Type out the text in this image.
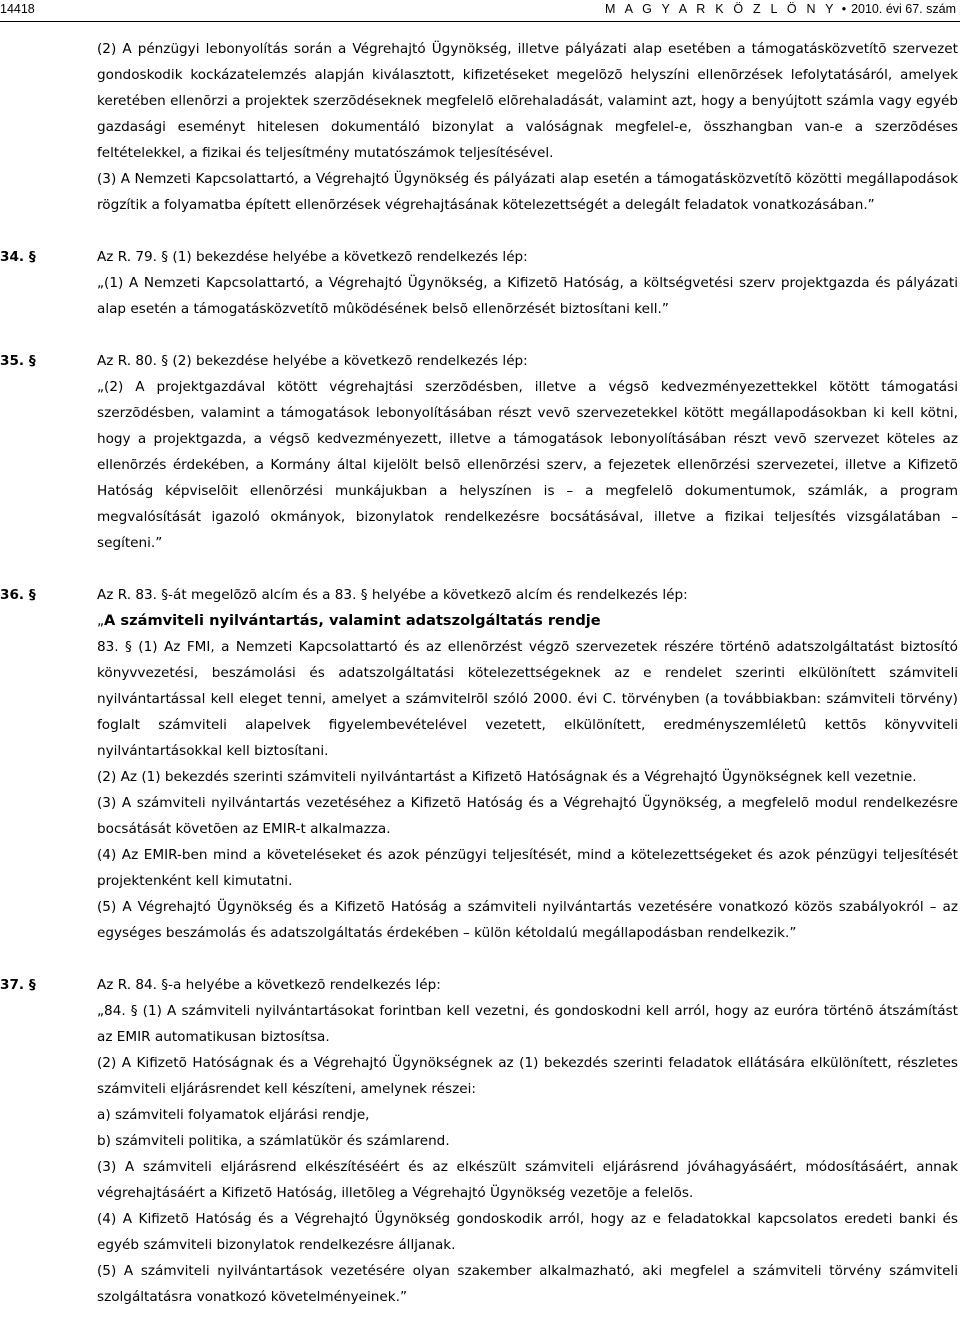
14418	M A G Y A R K Ö Z L Ö N Y • 2010. évi 67. szám

(2) A pénzügyi lebonyolítás során a Végrehajtó Ügynökség, illetve pályázati alap esetében a támogatásközvetítõ szervezet gondoskodik kockázatelemzés alapján kiválasztott, kifizetéseket megelõzõ helyszíni ellenõrzések lefolytatásáról, amelyek keretében ellenõrzi a projektek szerzõdéseknek megfelelõ elõrehaladását, valamint azt, hogy a benyújtott számla vagy egyéb gazdasági eseményt hitelesen dokumentáló bizonylat a valóságnak megfelel-e, összhangban van-e a szerzõdéses feltételekkel, a fizikai és teljesítmény mutatószámok teljesítésével.

(3) A Nemzeti Kapcsolattartó, a Végrehajtó Ügynökség és pályázati alap esetén a támogatásközvetítõ közötti megállapodások rögzítik a folyamatba épített ellenõrzések végrehajtásának kötelezettségét a delegált feladatok vonatkozásában.”

34. §	Az R. 79. § (1) bekezdése helyébe a következõ rendelkezés lép:

„(1) A Nemzeti Kapcsolattartó, a Végrehajtó Ügynökség, a Kifizetõ Hatóság, a költségvetési szerv projektgazda és pályázati alap esetén a támogatásközvetítõ mûködésének belsõ ellenõrzését biztosítani kell.”

35. §	Az R. 80. § (2) bekezdése helyébe a következõ rendelkezés lép:

„(2) A projektgazdával kötött végrehajtási szerzõdésben, illetve a végsõ kedvezményezettekkel kötött támogatási szerzõdésben, valamint a támogatások lebonyolításában részt vevõ szervezetekkel kötött megállapodásokban ki kell kötni, hogy a projektgazda, a végsõ kedvezményezett, illetve a támogatások lebonyolításában részt vevõ szervezet köteles az ellenõrzés érdekében, a Kormány által kijelölt belsõ ellenõrzési szerv, a fejezetek ellenõrzési szervezetei, illetve a Kifizetõ Hatóság képviselõit ellenõrzési munkájukban a helyszínen is – a megfelelõ dokumentumok, számlák, a program megvalósítását igazoló okmányok, bizonylatok rendelkezésre bocsátásával, illetve a fizikai teljesítés vizsgálatában – segíteni.”

36. §	Az R. 83. §-át megelõzõ alcím és a 83. § helyébe a következõ alcím és rendelkezés lép:

„A számviteli nyilvántartás, valamint adatszolgáltatás rendje

83. § (1) Az FMI, a Nemzeti Kapcsolattartó és az ellenõrzést végzõ szervezetek részére történõ adatszolgáltatást biztosító könyvvezetési, beszámolási és adatszolgáltatási kötelezettségeknek az e rendelet szerinti elkülönített számviteli nyilvántartással kell eleget tenni, amelyet a számvitelrõl szóló 2000. évi C. törvényben (a továbbiakban: számviteli törvény) foglalt számviteli alapelvek figyelembevételével vezetett, elkülönített, eredményszemléletû kettõs könyvviteli nyilvántartásokkal kell biztosítani.

(2) Az (1) bekezdés szerinti számviteli nyilvántartást a Kifizetõ Hatóságnak és a Végrehajtó Ügynökségnek kell vezetnie.

(3) A számviteli nyilvántartás vezetéséhez a Kifizetõ Hatóság és a Végrehajtó Ügynökség, a megfelelõ modul rendelkezésre bocsátását követõen az EMIR-t alkalmazza.

(4) Az EMIR-ben mind a követeléseket és azok pénzügyi teljesítését, mind a kötelezettségeket és azok pénzügyi teljesítését projektenként kell kimutatni.

(5) A Végrehajtó Ügynökség és a Kifizetõ Hatóság a számviteli nyilvántartás vezetésére vonatkozó közös szabályokról – az egységes beszámolás és adatszolgáltatás érdekében – külön kétoldalú megállapodásban rendelkezik.”

37. §	Az R. 84. §-a helyébe a következõ rendelkezés lép:

„84. § (1) A számviteli nyilvántartásokat forintban kell vezetni, és gondoskodni kell arról, hogy az euróra történõ átszámítást az EMIR automatikusan biztosítsa.

(2) A Kifizetõ Hatóságnak és a Végrehajtó Ügynökségnek az (1) bekezdés szerinti feladatok ellátására elkülönített, részletes számviteli eljárásrendet kell készíteni, amelynek részei:

a) számviteli folyamatok eljárási rendje,

b) számviteli politika, a számlatükör és számlarend.

(3) A számviteli eljárásrend elkészítéséért és az elkészült számviteli eljárásrend jóváhagyásáért, módosításáért, annak végrehajtásáért a Kifizetõ Hatóság, illetõleg a Végrehajtó Ügynökség vezetõje a felelõs.

(4) A Kifizetõ Hatóság és a Végrehajtó Ügynökség gondoskodik arról, hogy az e feladatokkal kapcsolatos eredeti banki és egyéb számviteli bizonylatok rendelkezésre álljanak.

(5) A számviteli nyilvántartások vezetésére olyan szakember alkalmazható, aki megfelel a számviteli törvény számviteli szolgáltatásra vonatkozó követelményeinek.”
